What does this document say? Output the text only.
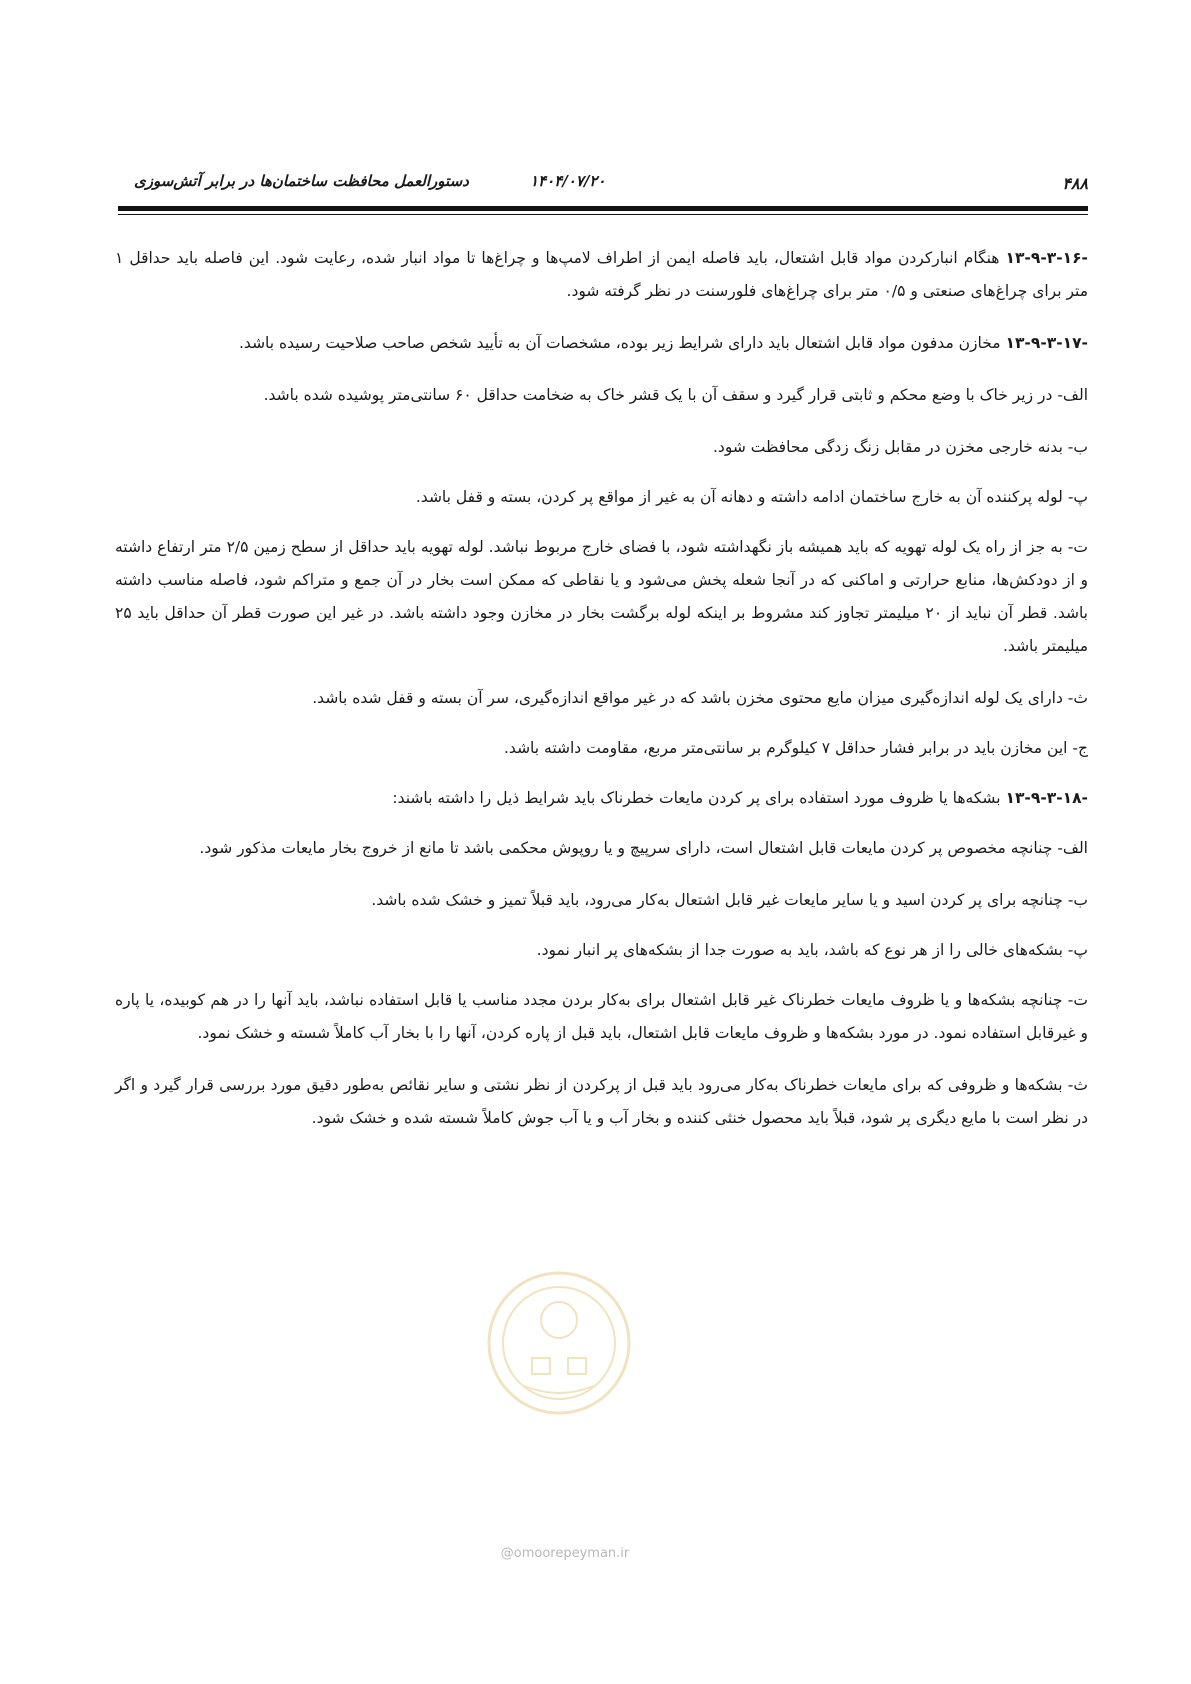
۴۸۸
۱۴۰۴/۰۷/۲۰
دستورالعمل محافظت ساختمان‌ها در برابر آتش‌سوزی

۱۳-۹-۳-۱۶- هنگام انبارکردن مواد قابل اشتعال، باید فاصله ایمن از اطراف لامپ‌ها و چراغ‌ها تا مواد انبار شده، رعایت شود. این فاصله باید حداقل ۱ متر برای چراغ‌های صنعتی و ۰/۵ متر برای چراغ‌های فلورسنت در نظر گرفته شود.

۱۳-۹-۳-۱۷- مخازن مدفون مواد قابل اشتعال باید دارای شرایط زیر بوده، مشخصات آن به تأیید شخص صاحب صلاحیت رسیده باشد.

الف- در زیر خاک با وضع محکم و ثابتی قرار گیرد و سقف آن با یک قشر خاک به ضخامت حداقل ۶۰ سانتی‌متر پوشیده شده باشد.

ب- بدنه خارجی مخزن در مقابل زنگ زدگی محافظت شود.

پ- لوله پرکننده آن به خارج ساختمان ادامه داشته و دهانه آن به غیر از مواقع پر کردن، بسته و قفل باشد.

ت- به جز از راه یک لوله تهویه که باید همیشه باز نگهداشته شود، با فضای خارج مربوط نباشد. لوله تهویه باید حداقل از سطح زمین ۲/۵ متر ارتفاع داشته و از دودکش‌ها، منابع حرارتی و اماکنی که در آنجا شعله پخش می‌شود و یا نقاطی که ممکن است بخار در آن جمع و متراکم شود، فاصله مناسب داشته باشد. قطر آن نباید از ۲۰ میلیمتر تجاوز کند مشروط بر اینکه لوله برگشت بخار در مخازن وجود داشته باشد. در غیر این صورت قطر آن حداقل باید ۲۵ میلیمتر باشد.

ث- دارای یک لوله اندازه‌گیری میزان مایع محتوی مخزن باشد که در غیر مواقع اندازه‌گیری، سر آن بسته و قفل شده باشد.

ج- این مخازن باید در برابر فشار حداقل ۷ کیلوگرم بر سانتی‌متر مربع، مقاومت داشته باشد.

۱۳-۹-۳-۱۸- بشکه‌ها یا ظروف مورد استفاده برای پر کردن مایعات خطرناک باید شرایط ذیل را داشته باشند:

الف- چنانچه مخصوص پر کردن مایعات قابل اشتعال است، دارای سرپیچ و یا روپوش محکمی باشد تا مانع از خروج بخار مایعات مذکور شود.

ب- چنانچه برای پر کردن اسید و یا سایر مایعات غیر قابل اشتعال به‌کار می‌رود، باید قبلاً تمیز و خشک شده باشد.

پ- بشکه‌های خالی را از هر نوع که باشد، باید به صورت جدا از بشکه‌های پر انبار نمود.

ت- چنانچه بشکه‌ها و یا ظروف مایعات خطرناک غیر قابل اشتعال برای به‌کار بردن مجدد مناسب یا قابل استفاده نباشد، باید آنها را در هم کوبیده، یا پاره و غیرقابل استفاده نمود. در مورد بشکه‌ها و ظروف مایعات قابل اشتعال، باید قبل از پاره کردن، آنها را با بخار آب کاملاً شسته و خشک نمود.

ث- بشکه‌ها و ظروفی که برای مایعات خطرناک به‌کار می‌رود باید قبل از پرکردن از نظر نشتی و سایر نقائص به‌طور دقیق مورد بررسی قرار گیرد و اگر در نظر است با مایع دیگری پر شود، قبلاً باید محصول خنثی کننده و بخار آب و یا آب جوش کاملاً شسته شده و خشک شود.

@omoorepeyman.ir
